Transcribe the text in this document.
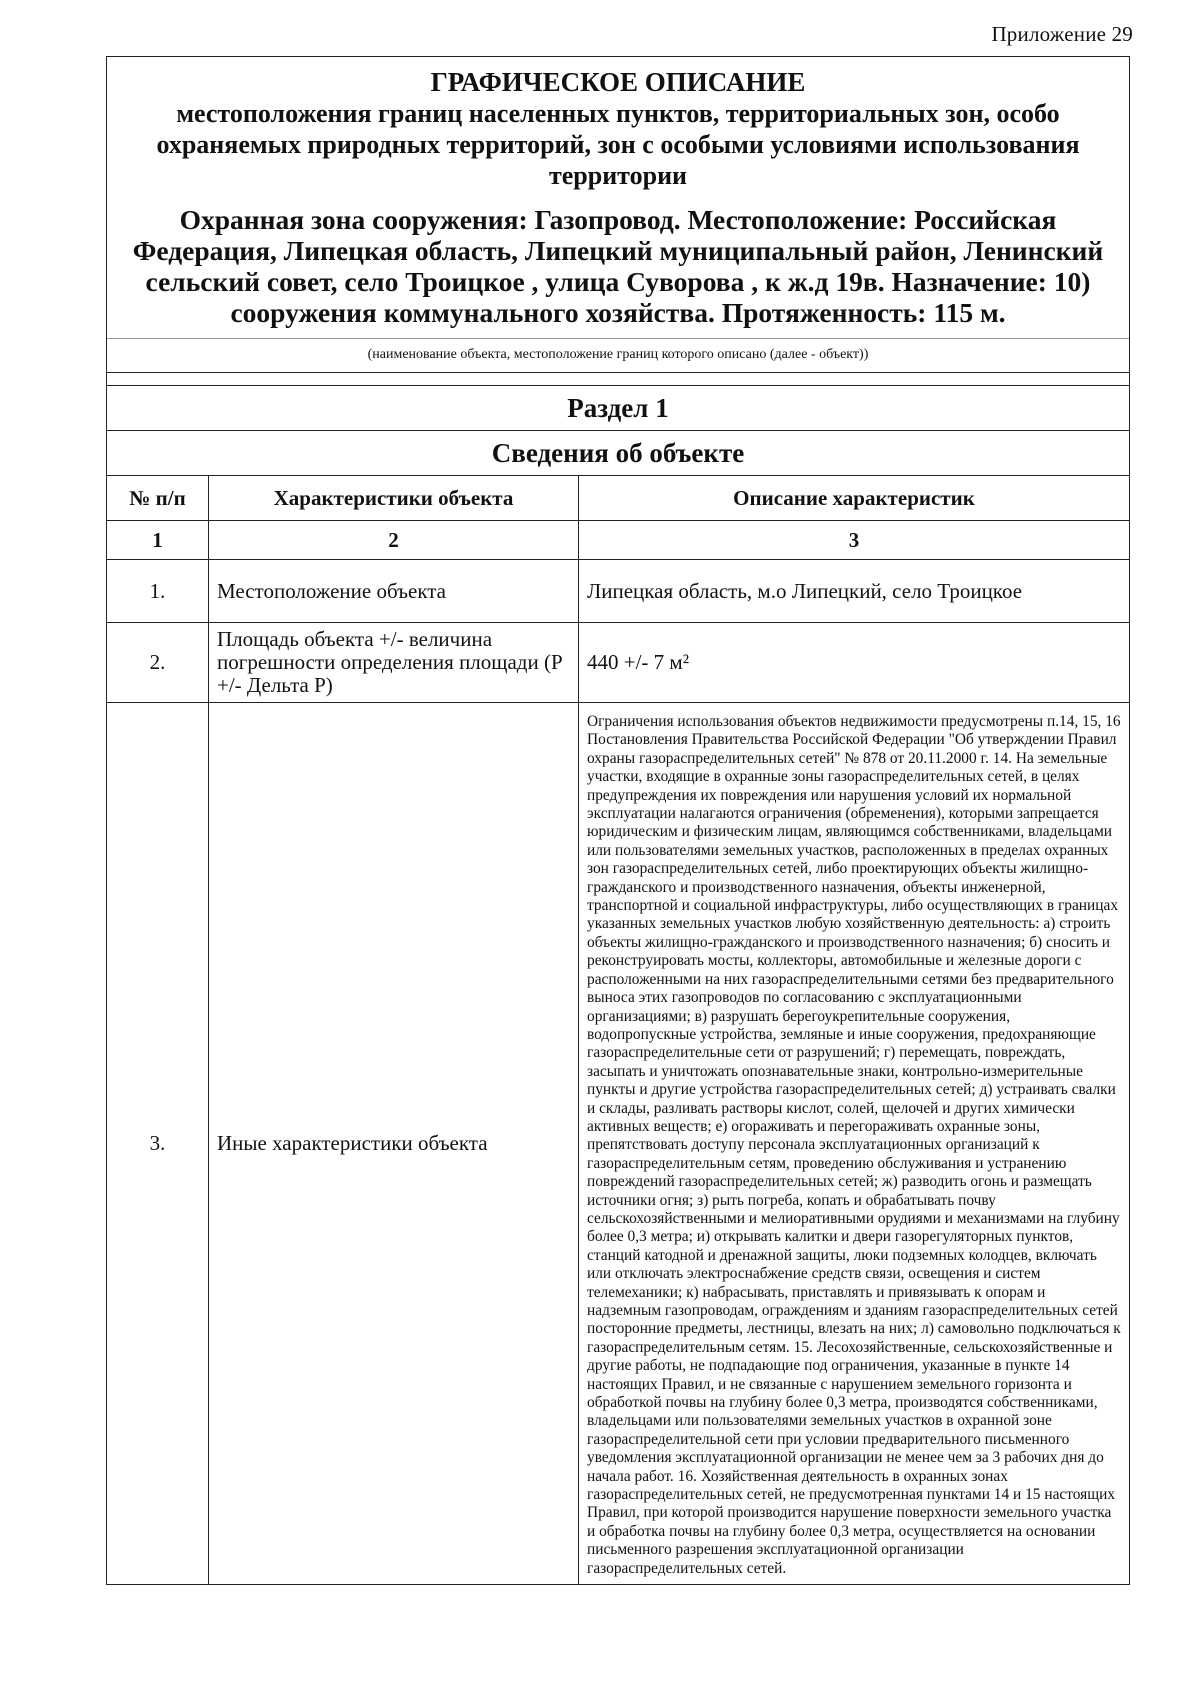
Приложение 29
ГРАФИЧЕСКОЕ ОПИСАНИЕ
местоположения границ населенных пунктов, территориальных зон, особо охраняемых природных территорий, зон с особыми условиями использования территории
Охранная зона сооружения: Газопровод. Местоположение: Российская Федерация, Липецкая область, Липецкий муниципальный район, Ленинский сельский совет, село Троицкое , улица Суворова , к ж.д 19в. Назначение: 10) сооружения коммунального хозяйства. Протяженность: 115 м.
(наименование объекта, местоположение границ которого описано (далее - объект))
Раздел 1
Сведения об объекте
№ п/п	Характеристики объекта	Описание характеристик
1	2	3
1.	Местоположение объекта	Липецкая область, м.о Липецкий, село Троицкое
2.	Площадь объекта +/- величина погрешности определения площади (Р +/- Дельта Р)	440 +/- 7 м²
3.	Иные характеристики объекта	Ограничения использования объектов недвижимости предусмотрены п.14, 15, 16 Постановления Правительства Российской Федерации "Об утверждении Правил охраны газораспределительных сетей" № 878 от 20.11.2000 г. 14. На земельные участки, входящие в охранные зоны газораспределительных сетей, в целях предупреждения их повреждения или нарушения условий их нормальной эксплуатации налагаются ограничения (обременения), которыми запрещается юридическим и физическим лицам, являющимся собственниками, владельцами или пользователями земельных участков, расположенных в пределах охранных зон газораспределительных сетей, либо проектирующих объекты жилищно-гражданского и производственного назначения, объекты инженерной, транспортной и социальной инфраструктуры, либо осуществляющих в границах указанных земельных участков любую хозяйственную деятельность: а) строить объекты жилищно-гражданского и производственного назначения; б) сносить и реконструировать мосты, коллекторы, автомобильные и железные дороги с расположенными на них газораспределительными сетями без предварительного выноса этих газопроводов по согласованию с эксплуатационными организациями; в) разрушать берегоукрепительные сооружения, водопропускные устройства, земляные и иные сооружения, предохраняющие газораспределительные сети от разрушений; г) перемещать, повреждать, засыпать и уничтожать опознавательные знаки, контрольно-измерительные пункты и другие устройства газораспределительных сетей; д) устраивать свалки и склады, разливать растворы кислот, солей, щелочей и других химически активных веществ; е) огораживать и перегораживать охранные зоны, препятствовать доступу персонала эксплуатационных организаций к газораспределительным сетям, проведению обслуживания и устранению повреждений газораспределительных сетей; ж) разводить огонь и размещать источники огня; з) рыть погреба, копать и обрабатывать почву сельскохозяйственными и мелиоративными орудиями и механизмами на глубину более 0,3 метра; и) открывать калитки и двери газорегуляторных пунктов, станций катодной и дренажной защиты, люки подземных колодцев, включать или отключать электроснабжение средств связи, освещения и систем телемеханики; к) набрасывать, приставлять и привязывать к опорам и надземным газопроводам, ограждениям и зданиям газораспределительных сетей посторонние предметы, лестницы, влезать на них; л) самовольно подключаться к газораспределительным сетям. 15. Лесохозяйственные, сельскохозяйственные и другие работы, не подпадающие под ограничения, указанные в пункте 14 настоящих Правил, и не связанные с нарушением земельного горизонта и обработкой почвы на глубину более 0,3 метра, производятся собственниками, владельцами или пользователями земельных участков в охранной зоне газораспределительной сети при условии предварительного письменного уведомления эксплуатационной организации не менее чем за 3 рабочих дня до начала работ. 16. Хозяйственная деятельность в охранных зонах газораспределительных сетей, не предусмотренная пунктами 14 и 15 настоящих Правил, при которой производится нарушение поверхности земельного участка и обработка почвы на глубину более 0,3 метра, осуществляется на основании письменного разрешения эксплуатационной организации газораспределительных сетей.
